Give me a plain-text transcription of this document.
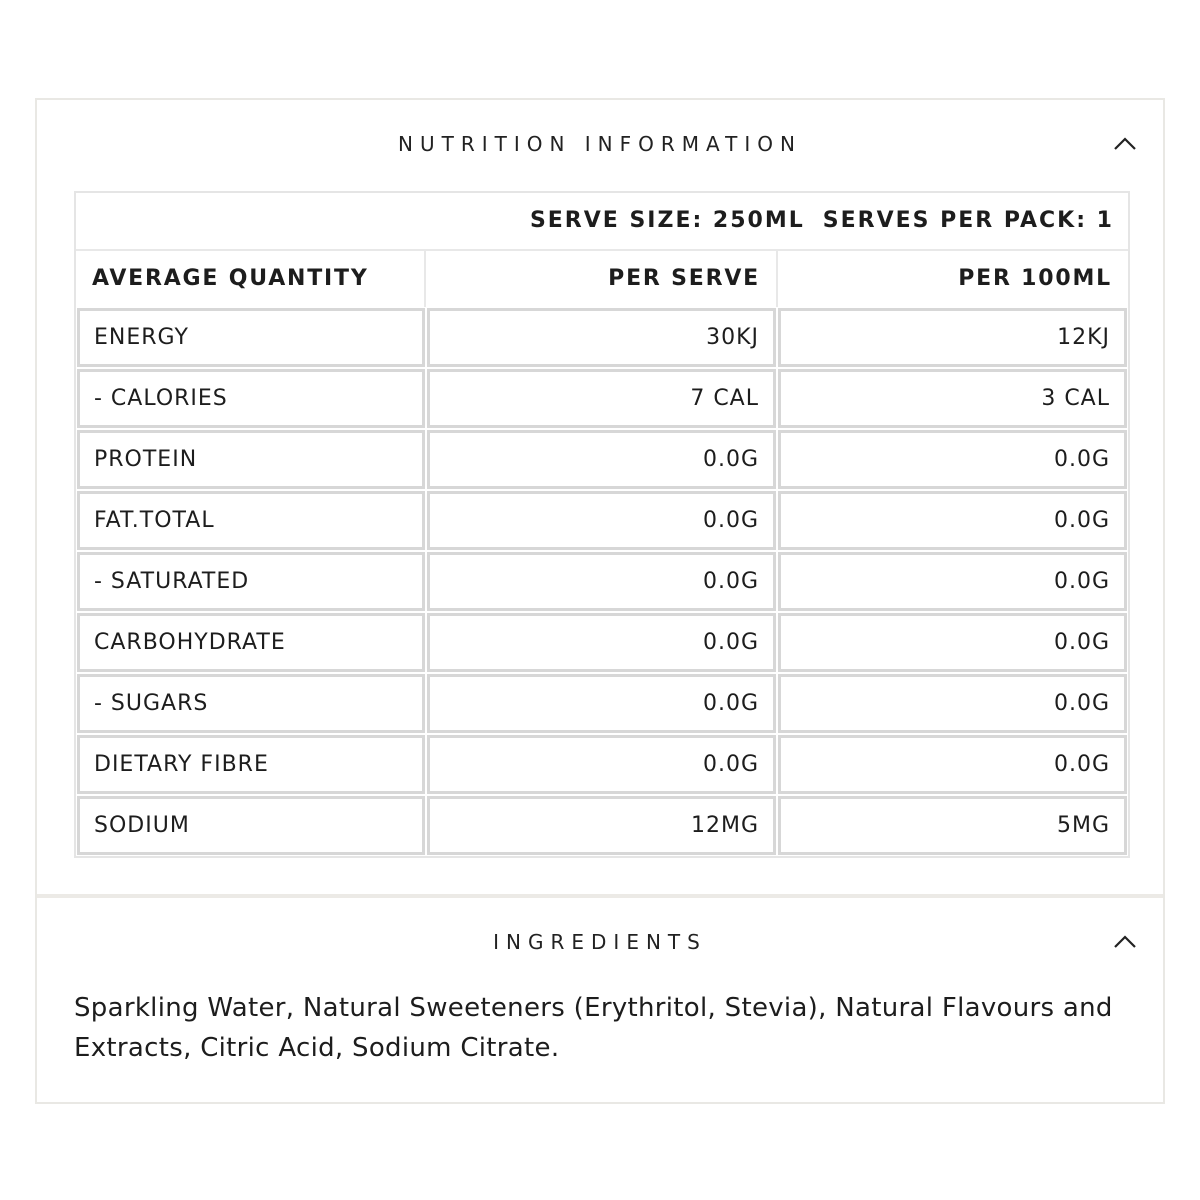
NUTRITION INFORMATION
SERVE SIZE: 250ML SERVES PER PACK: 1
AVERAGE QUANTITY	PER SERVE	PER 100ML
ENERGY	30KJ	12KJ
- CALORIES	7 CAL	3 CAL
PROTEIN	0.0G	0.0G
FAT.TOTAL	0.0G	0.0G
- SATURATED	0.0G	0.0G
CARBOHYDRATE	0.0G	0.0G
- SUGARS	0.0G	0.0G
DIETARY FIBRE	0.0G	0.0G
SODIUM	12MG	5MG
INGREDIENTS
Sparkling Water, Natural Sweeteners (Erythritol, Stevia), Natural Flavours and Extracts, Citric Acid, Sodium Citrate.
